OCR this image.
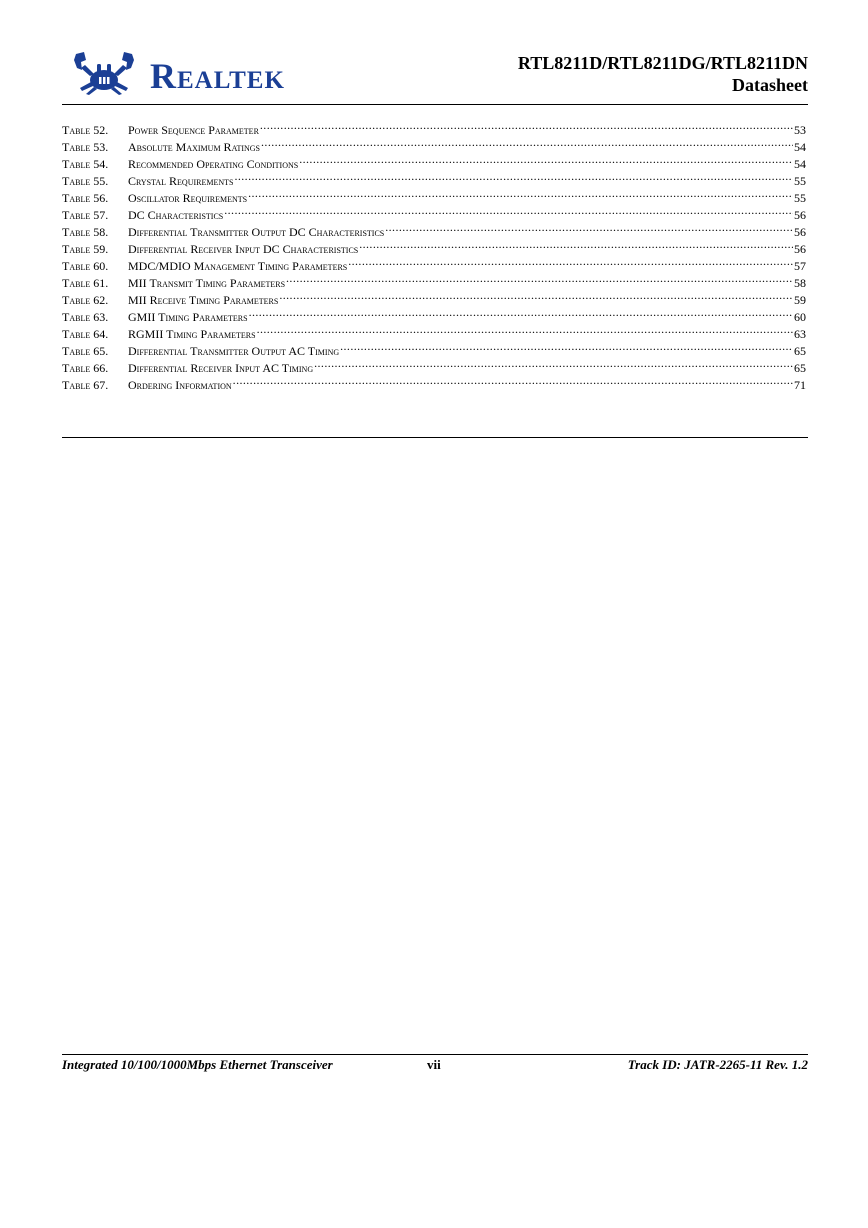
Realtek	RTL8211D/RTL8211DG/RTL8211DN
Datasheet
Table 52.	Power Sequence Parameter .....	53
Table 53.	Absolute Maximum Ratings .....	54
Table 54.	Recommended Operating Conditions .....	54
Table 55.	Crystal Requirements .....	55
Table 56.	Oscillator Requirements .....	55
Table 57.	DC Characteristics .....	56
Table 58.	Differential Transmitter Output DC Characteristics .....	56
Table 59.	Differential Receiver Input DC Characteristics .....	56
Table 60.	MDC/MDIO Management Timing Parameters .....	57
Table 61.	MII Transmit Timing Parameters .....	58
Table 62.	MII Receive Timing Parameters .....	59
Table 63.	GMII Timing Parameters .....	60
Table 64.	RGMII Timing Parameters .....	63
Table 65.	Differential Transmitter Output AC Timing .....	65
Table 66.	Differential Receiver Input AC Timing .....	65
Table 67.	Ordering Information .....	71
Integrated 10/100/1000Mbps Ethernet Transceiver	vii	Track ID: JATR-2265-11 Rev. 1.2
